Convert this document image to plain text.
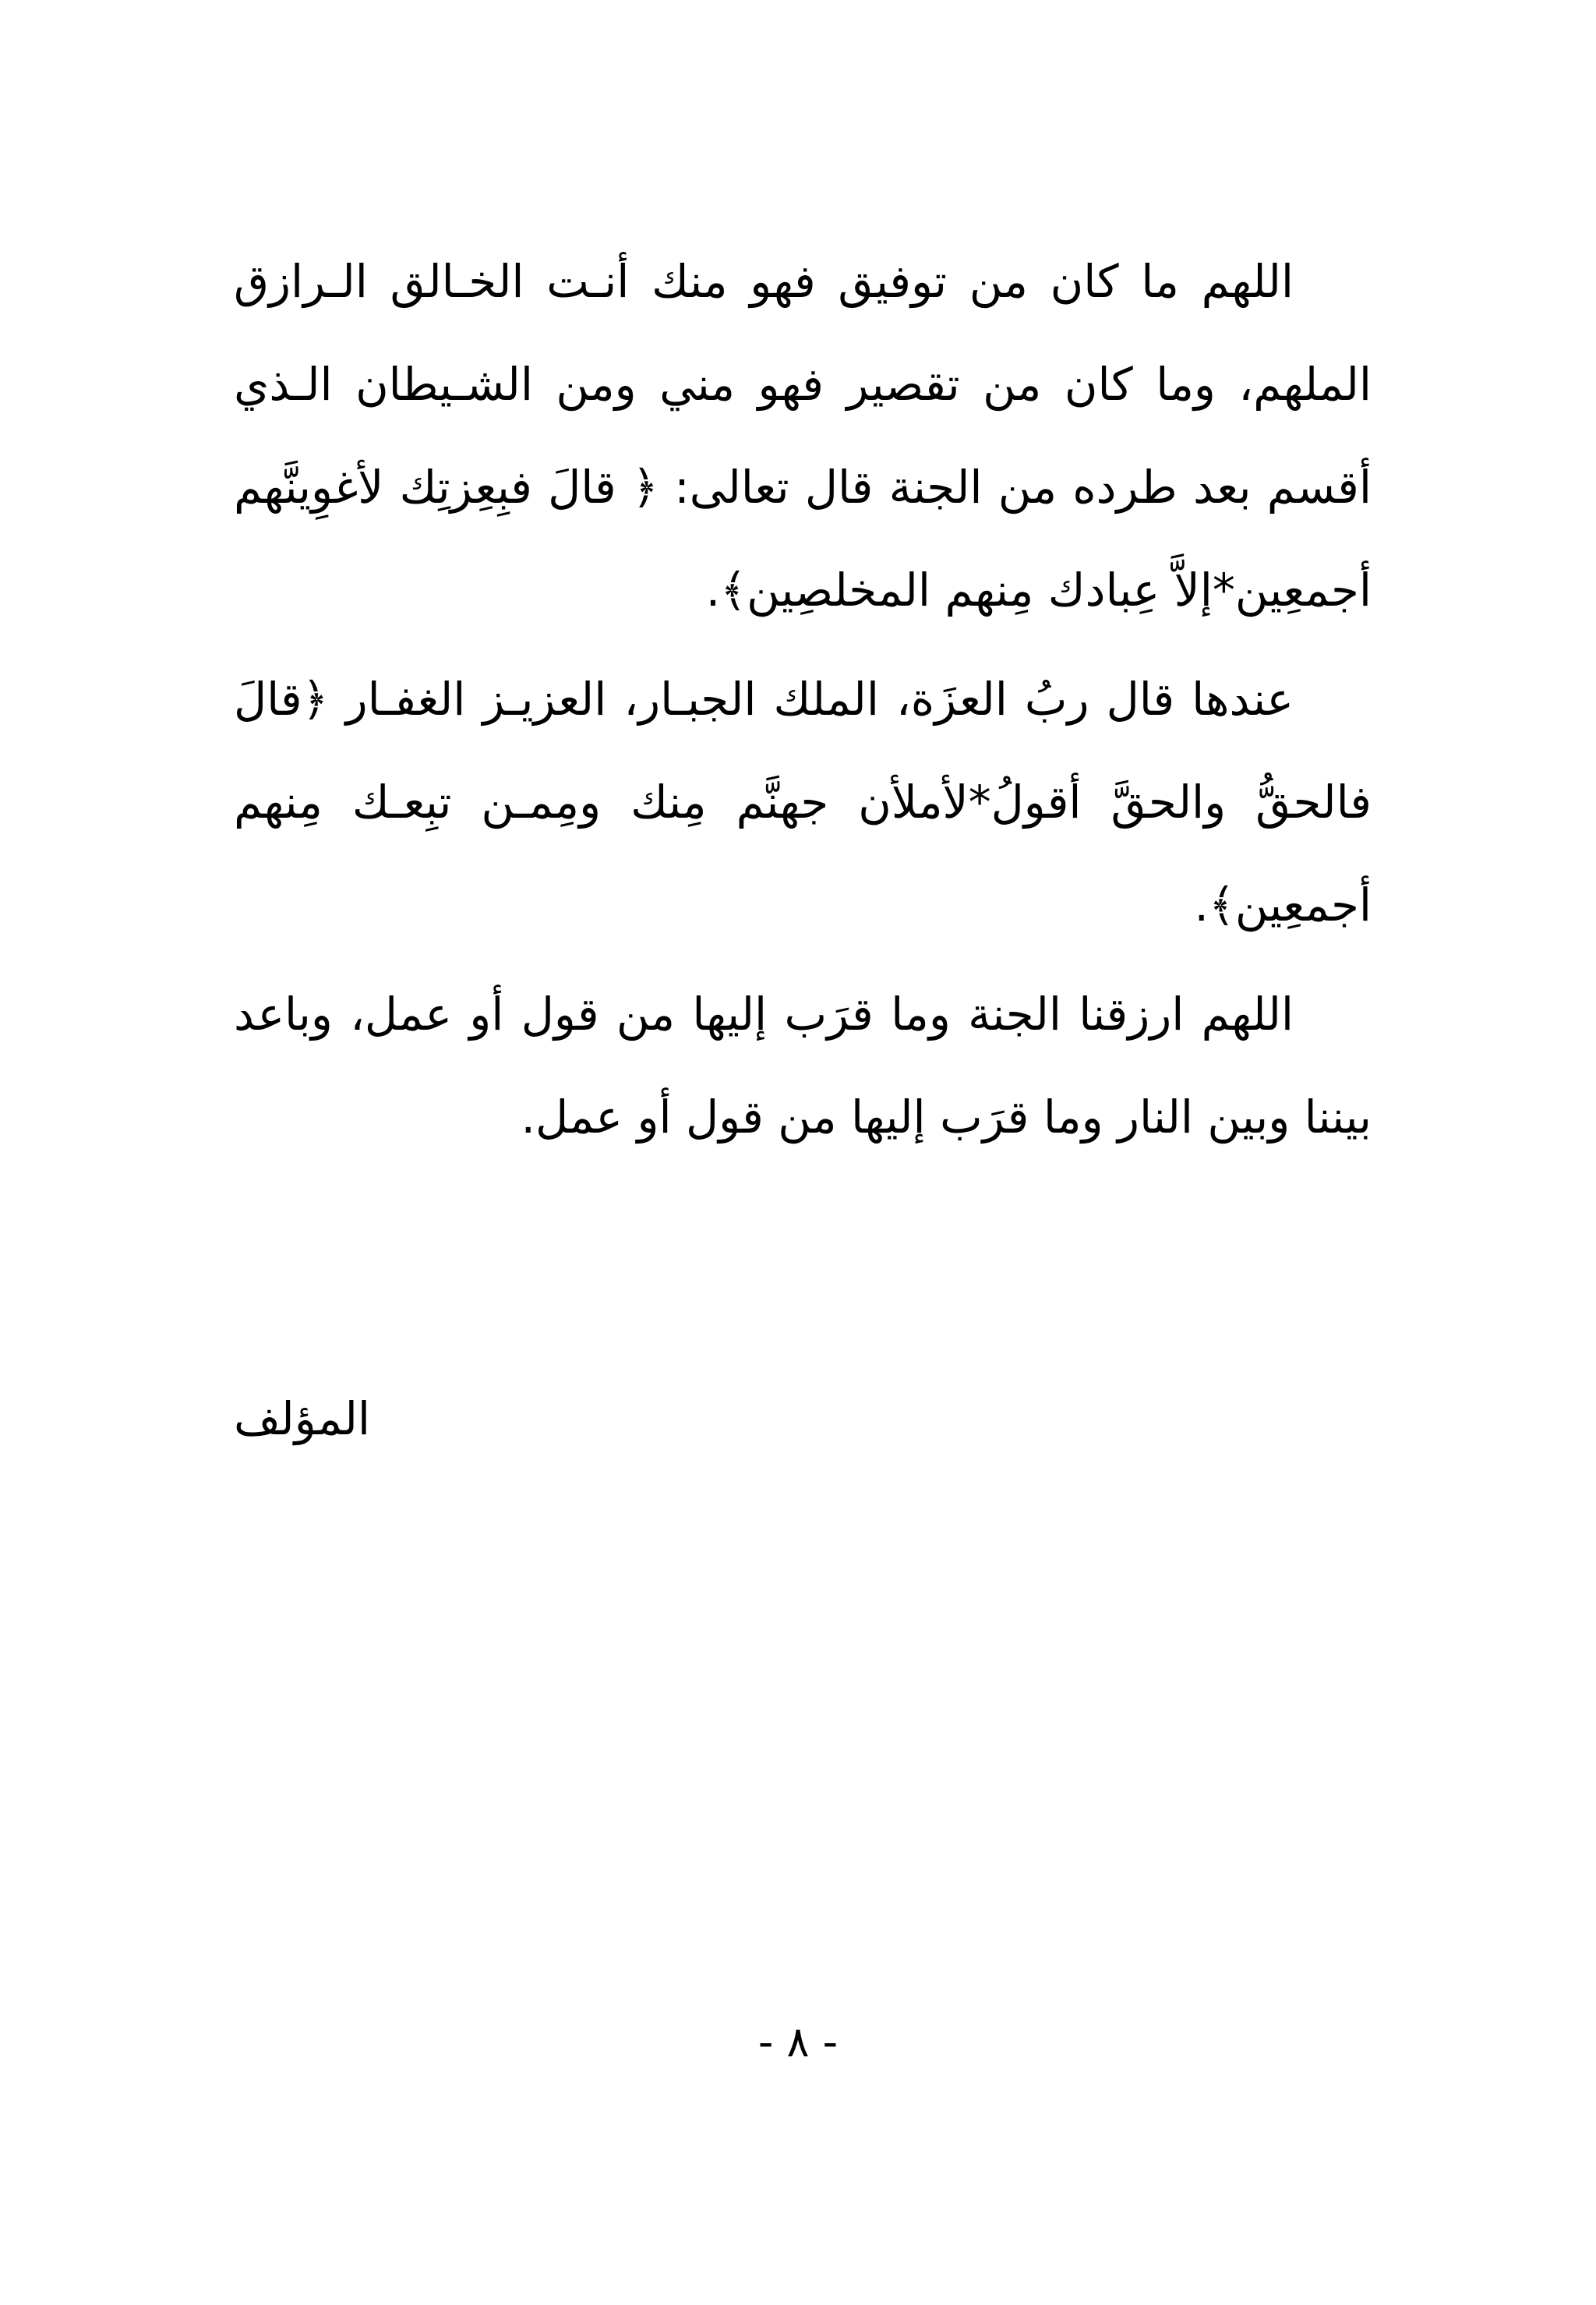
اللهم ما كان من توفيق فهو منك أنـت الخـالق الـرازق الملهم، وما كان من تقصير فهو مني ومن الشـيطان الـذي أقسم بعد طرده من الجنة قال تعالى: ﴿ قالَ فبِعِزتِك لأغوِينَّهم أجمعِين*إلاَّ عِبادك مِنهم المخلصِين﴾.

عندها قال ربُ العزَة، الملك الجبـار، العزيـز الغفـار ﴿قالَ فالحقُّ والحقَّ أقولُ*لأملأن جهنَّم مِنك ومِمـن تبِعـك مِنهم أجمعِين﴾.

اللهم ارزقنا الجنة وما قرَب إليها من قول أو عمل، وباعد بيننا وبين النار وما قرَب إليها من قول أو عمل.

المؤلف
- ٨ -
